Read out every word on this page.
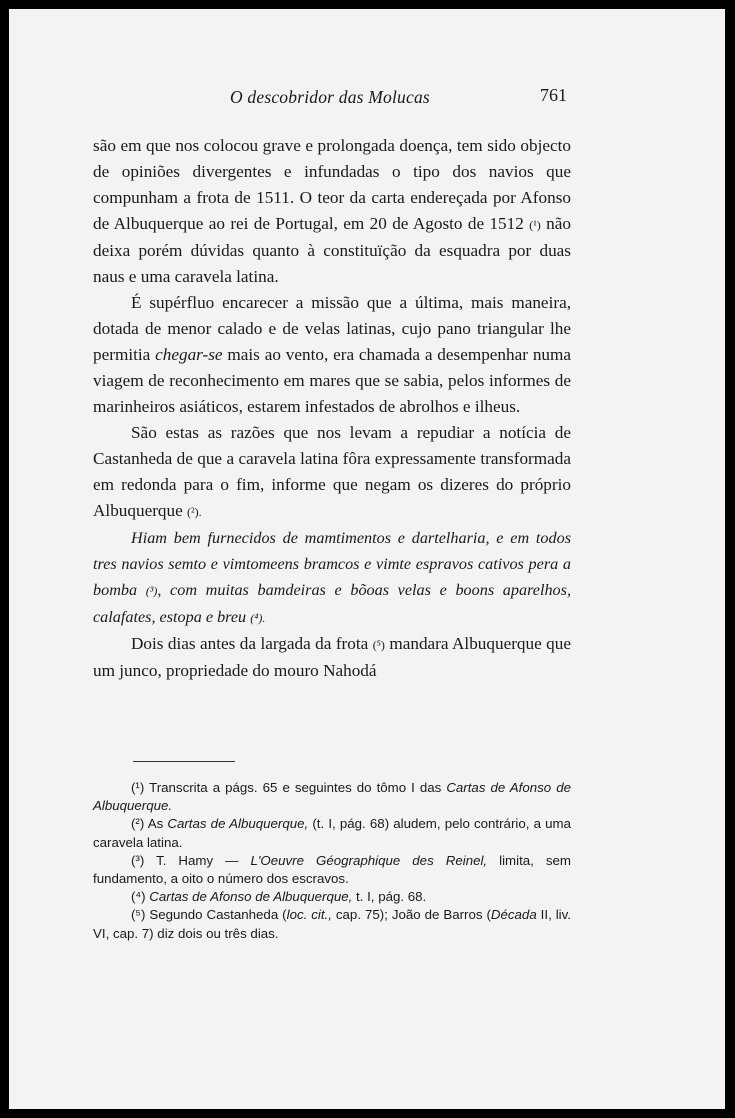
O descobridor das Molucas	761

são em que nos colocou grave e prolongada doença, tem sido objecto de opiniões divergentes e infundadas o tipo dos navios que compunham a frota de 1511. O teor da carta endereçada por Afonso de Albuquerque ao rei de Portugal, em 20 de Agosto de 1512 (¹) não deixa porém dúvidas quanto à constituïção da esquadra por duas naus e uma caravela latina.

É supérfluo encarecer a missão que a última, mais maneira, dotada de menor calado e de velas latinas, cujo pano triangular lhe permitia chegar-se mais ao vento, era chamada a desempenhar numa viagem de reconhecimento em mares que se sabia, pelos informes de marinheiros asiáticos, estarem infestados de abrolhos e ilheus.

São estas as razões que nos levam a repudiar a notícia de Castanheda de que a caravela latina fôra expressamente transformada em redonda para o fim, informe que negam os dizeres do próprio Albuquerque (²).

Hiam bem furnecidos de mamtimentos e dartelharia, e em todos tres navios semto e vimtomeens bramcos e vimte espravos cativos pera a bomba (³), com muitas bamdeiras e bõoas velas e boons aparelhos, calafates, estopa e breu (⁴).

Dois dias antes da largada da frota (⁵) mandara Albuquerque que um junco, propriedade do mouro Nahodá

(¹) Transcrita a págs. 65 e seguintes do tômo I das Cartas de Afonso de Albuquerque.

(²) As Cartas de Albuquerque, (t. I, pág. 68) aludem, pelo contrário, a uma caravela latina.

(³) T. Hamy — L'Oeuvre Géographique des Reinel, limita, sem fundamento, a oito o número dos escravos.

(⁴) Cartas de Afonso de Albuquerque, t. I, pág. 68.

(⁵) Segundo Castanheda (loc. cit., cap. 75); João de Barros (Década II, liv. VI, cap. 7) diz dois ou três dias.
